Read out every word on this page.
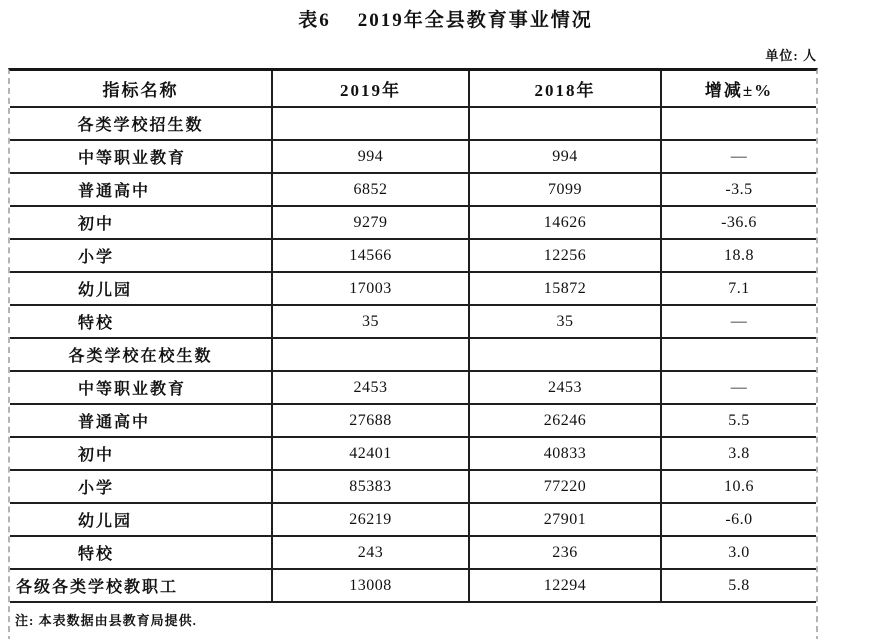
表6    2019年全县教育事业情况
单位: 人
指标名称	2019年	2018年	增减±%
各类学校招生数			
中等职业教育	994	994	—
普通高中	6852	7099	-3.5
初中	9279	14626	-36.6
小学	14566	12256	18.8
幼儿园	17003	15872	7.1
特校	35	35	—
各类学校在校生数			
中等职业教育	2453	2453	—
普通高中	27688	26246	5.5
初中	42401	40833	3.8
小学	85383	77220	10.6
幼儿园	26219	27901	-6.0
特校	243	236	3.0
各级各类学校教职工	13008	12294	5.8
注: 本表数据由县教育局提供.			
